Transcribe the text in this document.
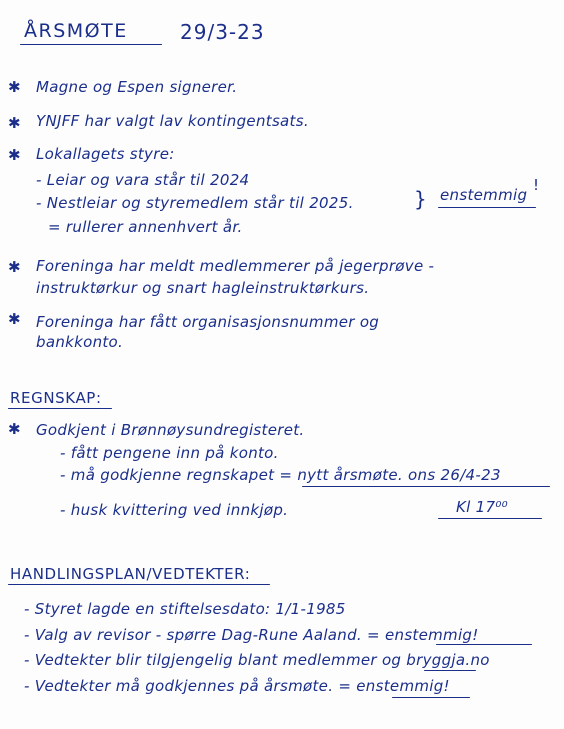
ÅRSMØTE	29/3-23
✱ Magne og Espen signerer.
✱ YNJFF har valgt lav kontingentsats.
✱ Lokallagets styre:
- Leiar og vara står til 2024
- Nestleiar og styremedlem står til 2025.
= rullerer annenhvert år.
} enstemmig
!
✱ Foreninga har meldt medlemmerer på jegerprøve -
instruktørkur og snart hagleinstruktørkurs.
✱ Foreninga har fått organisasjonsnummer og
bankkonto.
REGNSKAP:
✱ Godkjent i Brønnøysundregisteret.
- fått pengene inn på konto.
- må godkjenne regnskapet = nytt årsmøte. ons 26/4-23
- husk kvittering ved innkjøp.	Kl 17⁰⁰
HANDLINGSPLAN/VEDTEKTER:
- Styret lagde en stiftelsesdato: 1/1-1985
- Valg av revisor - spørre Dag-Rune Aaland. = enstemmig!
- Vedtekter blir tilgjengelig blant medlemmer og bryggja.no
- Vedtekter må godkjennes på årsmøte. = enstemmig!
